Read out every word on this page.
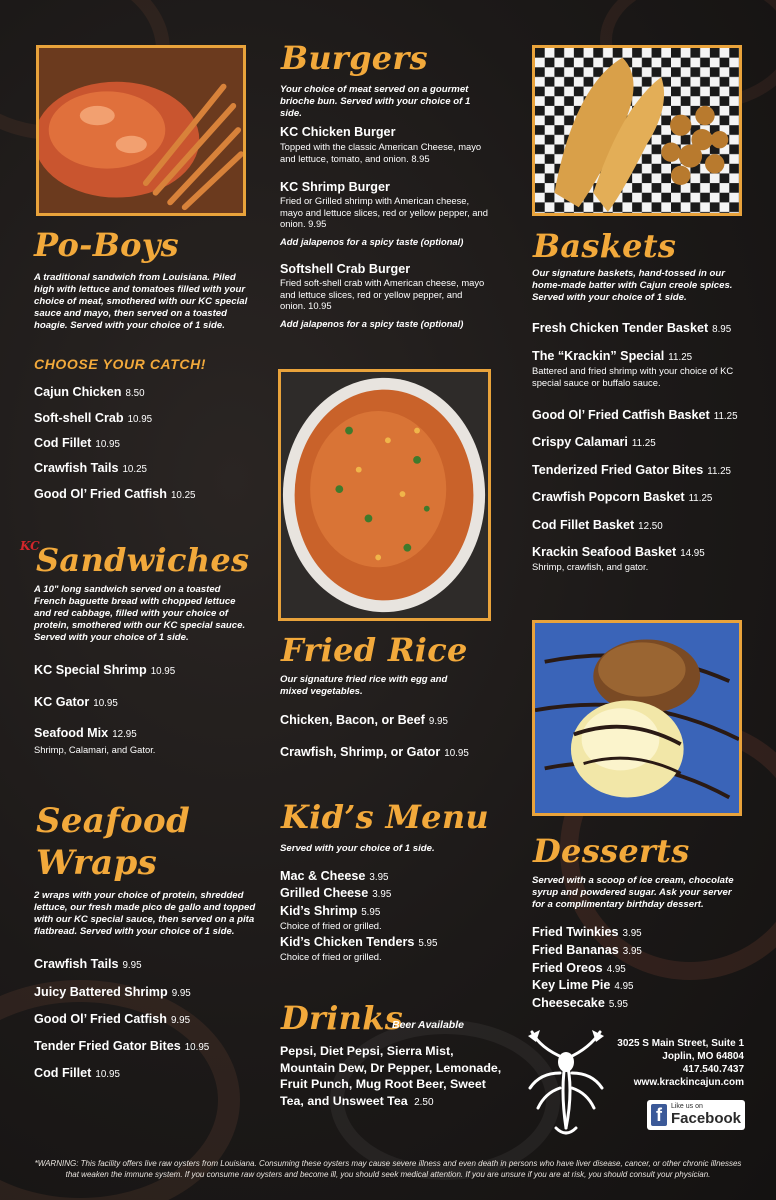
Po-Boys
A traditional sandwich from Louisiana. Piled high with lettuce and tomatoes filled with your choice of meat, smothered with our KC special sauce and mayo, then served on a toasted hoagie. Served with your choice of 1 side.
CHOOSE YOUR CATCH!
Cajun Chicken 8.50
Soft-shell Crab 10.95
Cod Fillet 10.95
Crawfish Tails 10.25
Good Ol’ Fried Catfish 10.25
KC
Sandwiches
A 10" long sandwich served on a toasted French baguette bread with chopped lettuce and red cabbage, filled with your choice of protein, smothered with our KC special sauce. Served with your choice of 1 side.
KC Special Shrimp 10.95
KC Gator 10.95
Seafood Mix 12.95
Shrimp, Calamari, and Gator.
Seafood
Wraps
2 wraps with your choice of protein, shredded lettuce, our fresh made pico de gallo and topped with our KC special sauce, then served on a pita flatbread. Served with your choice of 1 side.
Crawfish Tails 9.95
Juicy Battered Shrimp 9.95
Good Ol’ Fried Catfish 9.95
Tender Fried Gator Bites 10.95
Cod Fillet 10.95
Burgers
Your choice of meat served on a gourmet brioche bun. Served with your choice of 1 side.
KC Chicken Burger
Topped with the classic American Cheese, mayo and lettuce, tomato, and onion. 8.95
KC Shrimp Burger
Fried or Grilled shrimp with American cheese, mayo and lettuce slices, red or yellow pepper, and onion. 9.95
Add jalapenos for a spicy taste (optional)
Softshell Crab Burger
Fried soft-shell crab with American cheese, mayo and lettuce slices, red or yellow pepper, and onion. 10.95
Add jalapenos for a spicy taste (optional)
Fried Rice
Our signature fried rice with egg and mixed vegetables.
Chicken, Bacon, or Beef 9.95
Crawfish, Shrimp, or Gator 10.95
Kid’s Menu
Served with your choice of 1 side.
Mac & Cheese 3.95
Grilled Cheese 3.95
Kid’s Shrimp 5.95
Choice of fried or grilled.
Kid’s Chicken Tenders 5.95
Choice of fried or grilled.
Drinks
Beer Available
Pepsi, Diet Pepsi, Sierra Mist, Mountain Dew, Dr Pepper, Lemonade, Fruit Punch, Mug Root Beer, Sweet Tea, and Unsweet Tea 2.50
Baskets
Our signature baskets, hand-tossed in our home-made batter with Cajun creole spices. Served with your choice of 1 side.
Fresh Chicken Tender Basket 8.95
The “Krackin” Special 11.25
Battered and fried shrimp with your choice of KC special sauce or buffalo sauce.
Good Ol’ Fried Catfish Basket 11.25
Crispy Calamari 11.25
Tenderized Fried Gator Bites 11.25
Crawfish Popcorn Basket 11.25
Cod Fillet Basket 12.50
Krackin Seafood Basket 14.95
Shrimp, crawfish, and gator.
Desserts
Served with a scoop of ice cream, chocolate syrup and powdered sugar. Ask your server for a complimentary birthday dessert.
Fried Twinkies 3.95
Fried Bananas 3.95
Fried Oreos 4.95
Key Lime Pie 4.95
Cheesecake 5.95
3025 S Main Street, Suite 1
Joplin, MO 64804
417.540.7437
www.krackincajun.com
f	Like us on
Facebook
*WARNING: This facility offers live raw oysters from Louisiana. Consuming these oysters may cause severe illness and even death in persons who have liver disease, cancer, or other chronic illnesses that weaken the immune system. If you consume raw oysters and become ill, you should seek medical attention. If you are unsure if you are at risk, you should consult your physician.
